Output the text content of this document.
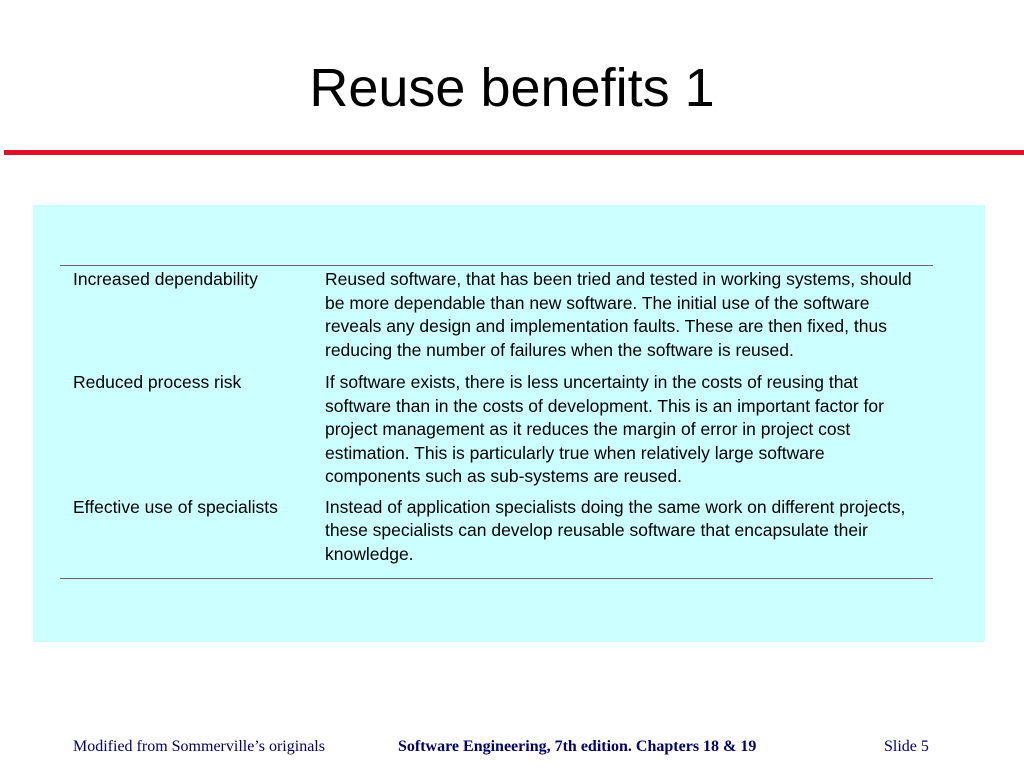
Reuse benefits 1
Increased dependability	Reused software, that has been tried and tested in working systems, should be more dependable than new software. The initial use of the software reveals any design and implementation faults. These are then fixed, thus reducing the number of failures when the software is reused.
Reduced process risk	If software exists, there is less uncertainty in the costs of reusing that software than in the costs of development. This is an important factor for project management as it reduces the margin of error in project cost estimation. This is particularly true when relatively large software components such as sub-systems are reused.
Effective use of specialists	Instead of application specialists doing the same work on different projects, these specialists can develop reusable software that encapsulate their knowledge.
Modified from Sommerville’s originals	Software Engineering, 7th edition. Chapters 18 & 19	Slide 5
